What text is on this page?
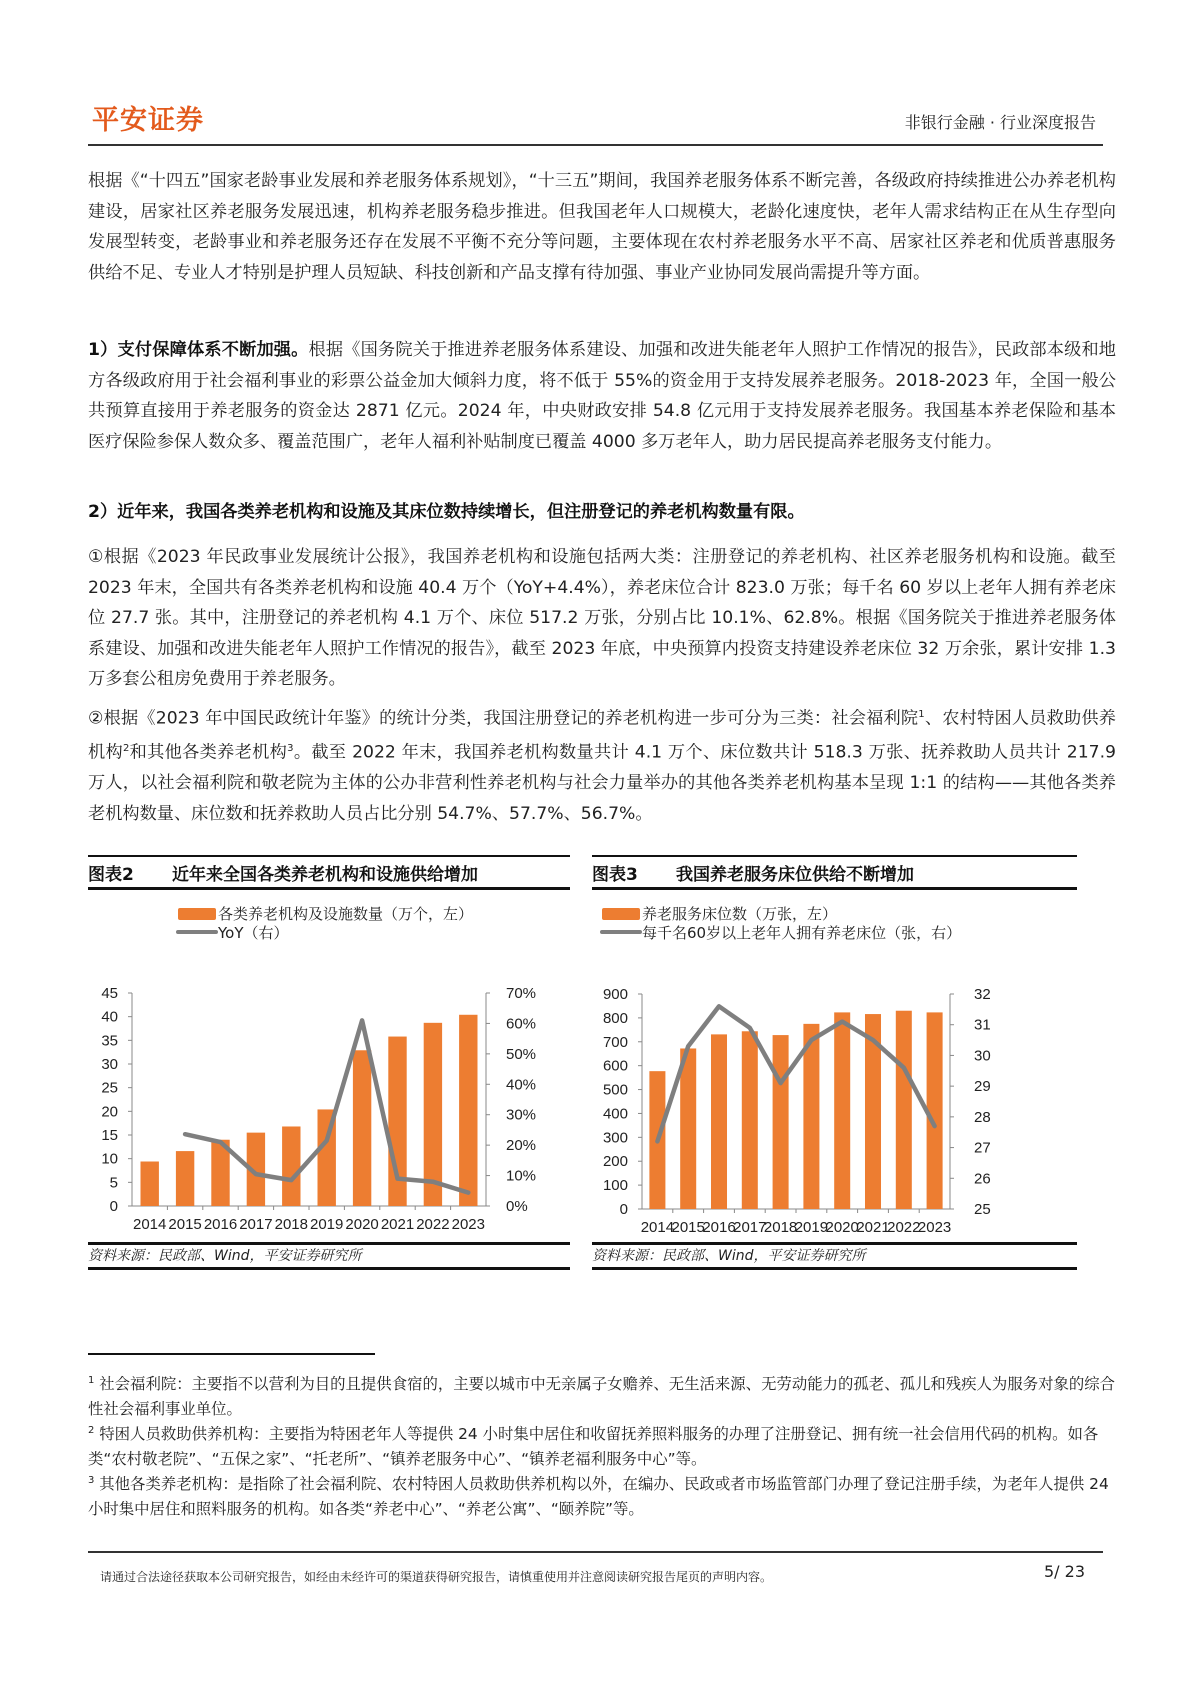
平安证券	非银行金融 · 行业深度报告
根据《“十四五”国家老龄事业发展和养老服务体系规划》，“十三五”期间，我国养老服务体系不断完善，各级政府持续推进公办养老机构建设，居家社区养老服务发展迅速，机构养老服务稳步推进。但我国老年人口规模大，老龄化速度快，老年人需求结构正在从生存型向发展型转变，老龄事业和养老服务还存在发展不平衡不充分等问题，主要体现在农村养老服务水平不高、居家社区养老和优质普惠服务供给不足、专业人才特别是护理人员短缺、科技创新和产品支撑有待加强、事业产业协同发展尚需提升等方面。
1）支付保障体系不断加强。根据《国务院关于推进养老服务体系建设、加强和改进失能老年人照护工作情况的报告》，民政部本级和地方各级政府用于社会福利事业的彩票公益金加大倾斜力度，将不低于 55%的资金用于支持发展养老服务。2018-2023 年，全国一般公共预算直接用于养老服务的资金达 2871 亿元。2024 年，中央财政安排 54.8 亿元用于支持发展养老服务。我国基本养老保险和基本医疗保险参保人数众多、覆盖范围广，老年人福利补贴制度已覆盖 4000 多万老年人，助力居民提高养老服务支付能力。
2）近年来，我国各类养老机构和设施及其床位数持续增长，但注册登记的养老机构数量有限。
①根据《2023 年民政事业发展统计公报》，我国养老机构和设施包括两大类：注册登记的养老机构、社区养老服务机构和设施。截至 2023 年末，全国共有各类养老机构和设施 40.4 万个（YoY+4.4%），养老床位合计 823.0 万张；每千名 60 岁以上老年人拥有养老床位 27.7 张。其中，注册登记的养老机构 4.1 万个、床位 517.2 万张，分别占比 10.1%、62.8%。根据《国务院关于推进养老服务体系建设、加强和改进失能老年人照护工作情况的报告》，截至 2023 年底，中央预算内投资支持建设养老床位 32 万余张，累计安排 1.3 万多套公租房免费用于养老服务。
②根据《2023 年中国民政统计年鉴》的统计分类，我国注册登记的养老机构进一步可分为三类：社会福利院$^1$、农村特困人员救助供养机构$^2$和其他各类养老机构$^3$。截至 2022 年末，我国养老机构数量共计 4.1 万个、床位数共计 518.3 万张、抚养救助人员共计 217.9 万人，以社会福利院和敬老院为主体的公办非营利性养老机构与社会力量举办的其他各类养老机构基本呈现 1:1 的结构——其他各类养老机构数量、床位数和抚养救助人员占比分别 54.7%、57.7%、56.7%。
图表2	近年来全国各类养老机构和设施供给增加
各类养老机构及设施数量（万个，左）
YoY（右）
0
5
10
15
20
25
30
35
40
45
0%
10%
20%
30%
40%
50%
60%
70%
2014 2015 2016 2017 2018 2019 2020 2021 2022 2023
资料来源：民政部、Wind，平安证券研究所
图表3	我国养老服务床位供给不断增加
养老服务床位数（万张，左）
每千名60岁以上老年人拥有养老床位（张，右）
0
100
200
300
400
500
600
700
800
900
25
26
27
28
29
30
31
32
2014
2015
2016
2017
2018
2019
2020
2021
2022
2023
资料来源：民政部、Wind，平安证券研究所
$^1$ 社会福利院：主要指不以营利为目的且提供食宿的，主要以城市中无亲属子女赡养、无生活来源、无劳动能力的孤老、孤儿和残疾人为服务对象的综合性社会福利事业单位。
$^2$ 特困人员救助供养机构：主要指为特困老年人等提供 24 小时集中居住和收留抚养照料服务的办理了注册登记、拥有统一社会信用代码的机构。如各类“农村敬老院”、“五保之家”、“托老所”、“镇养老服务中心”、“镇养老福利服务中心”等。
$^3$ 其他各类养老机构：是指除了社会福利院、农村特困人员救助供养机构以外，在编办、民政或者市场监管部门办理了登记注册手续，为老年人提供 24 小时集中居住和照料服务的机构。如各类“养老中心”、“养老公寓”、“颐养院”等。
请通过合法途径获取本公司研究报告，如经由未经许可的渠道获得研究报告，请慎重使用并注意阅读研究报告尾页的声明内容。	5/ 23
